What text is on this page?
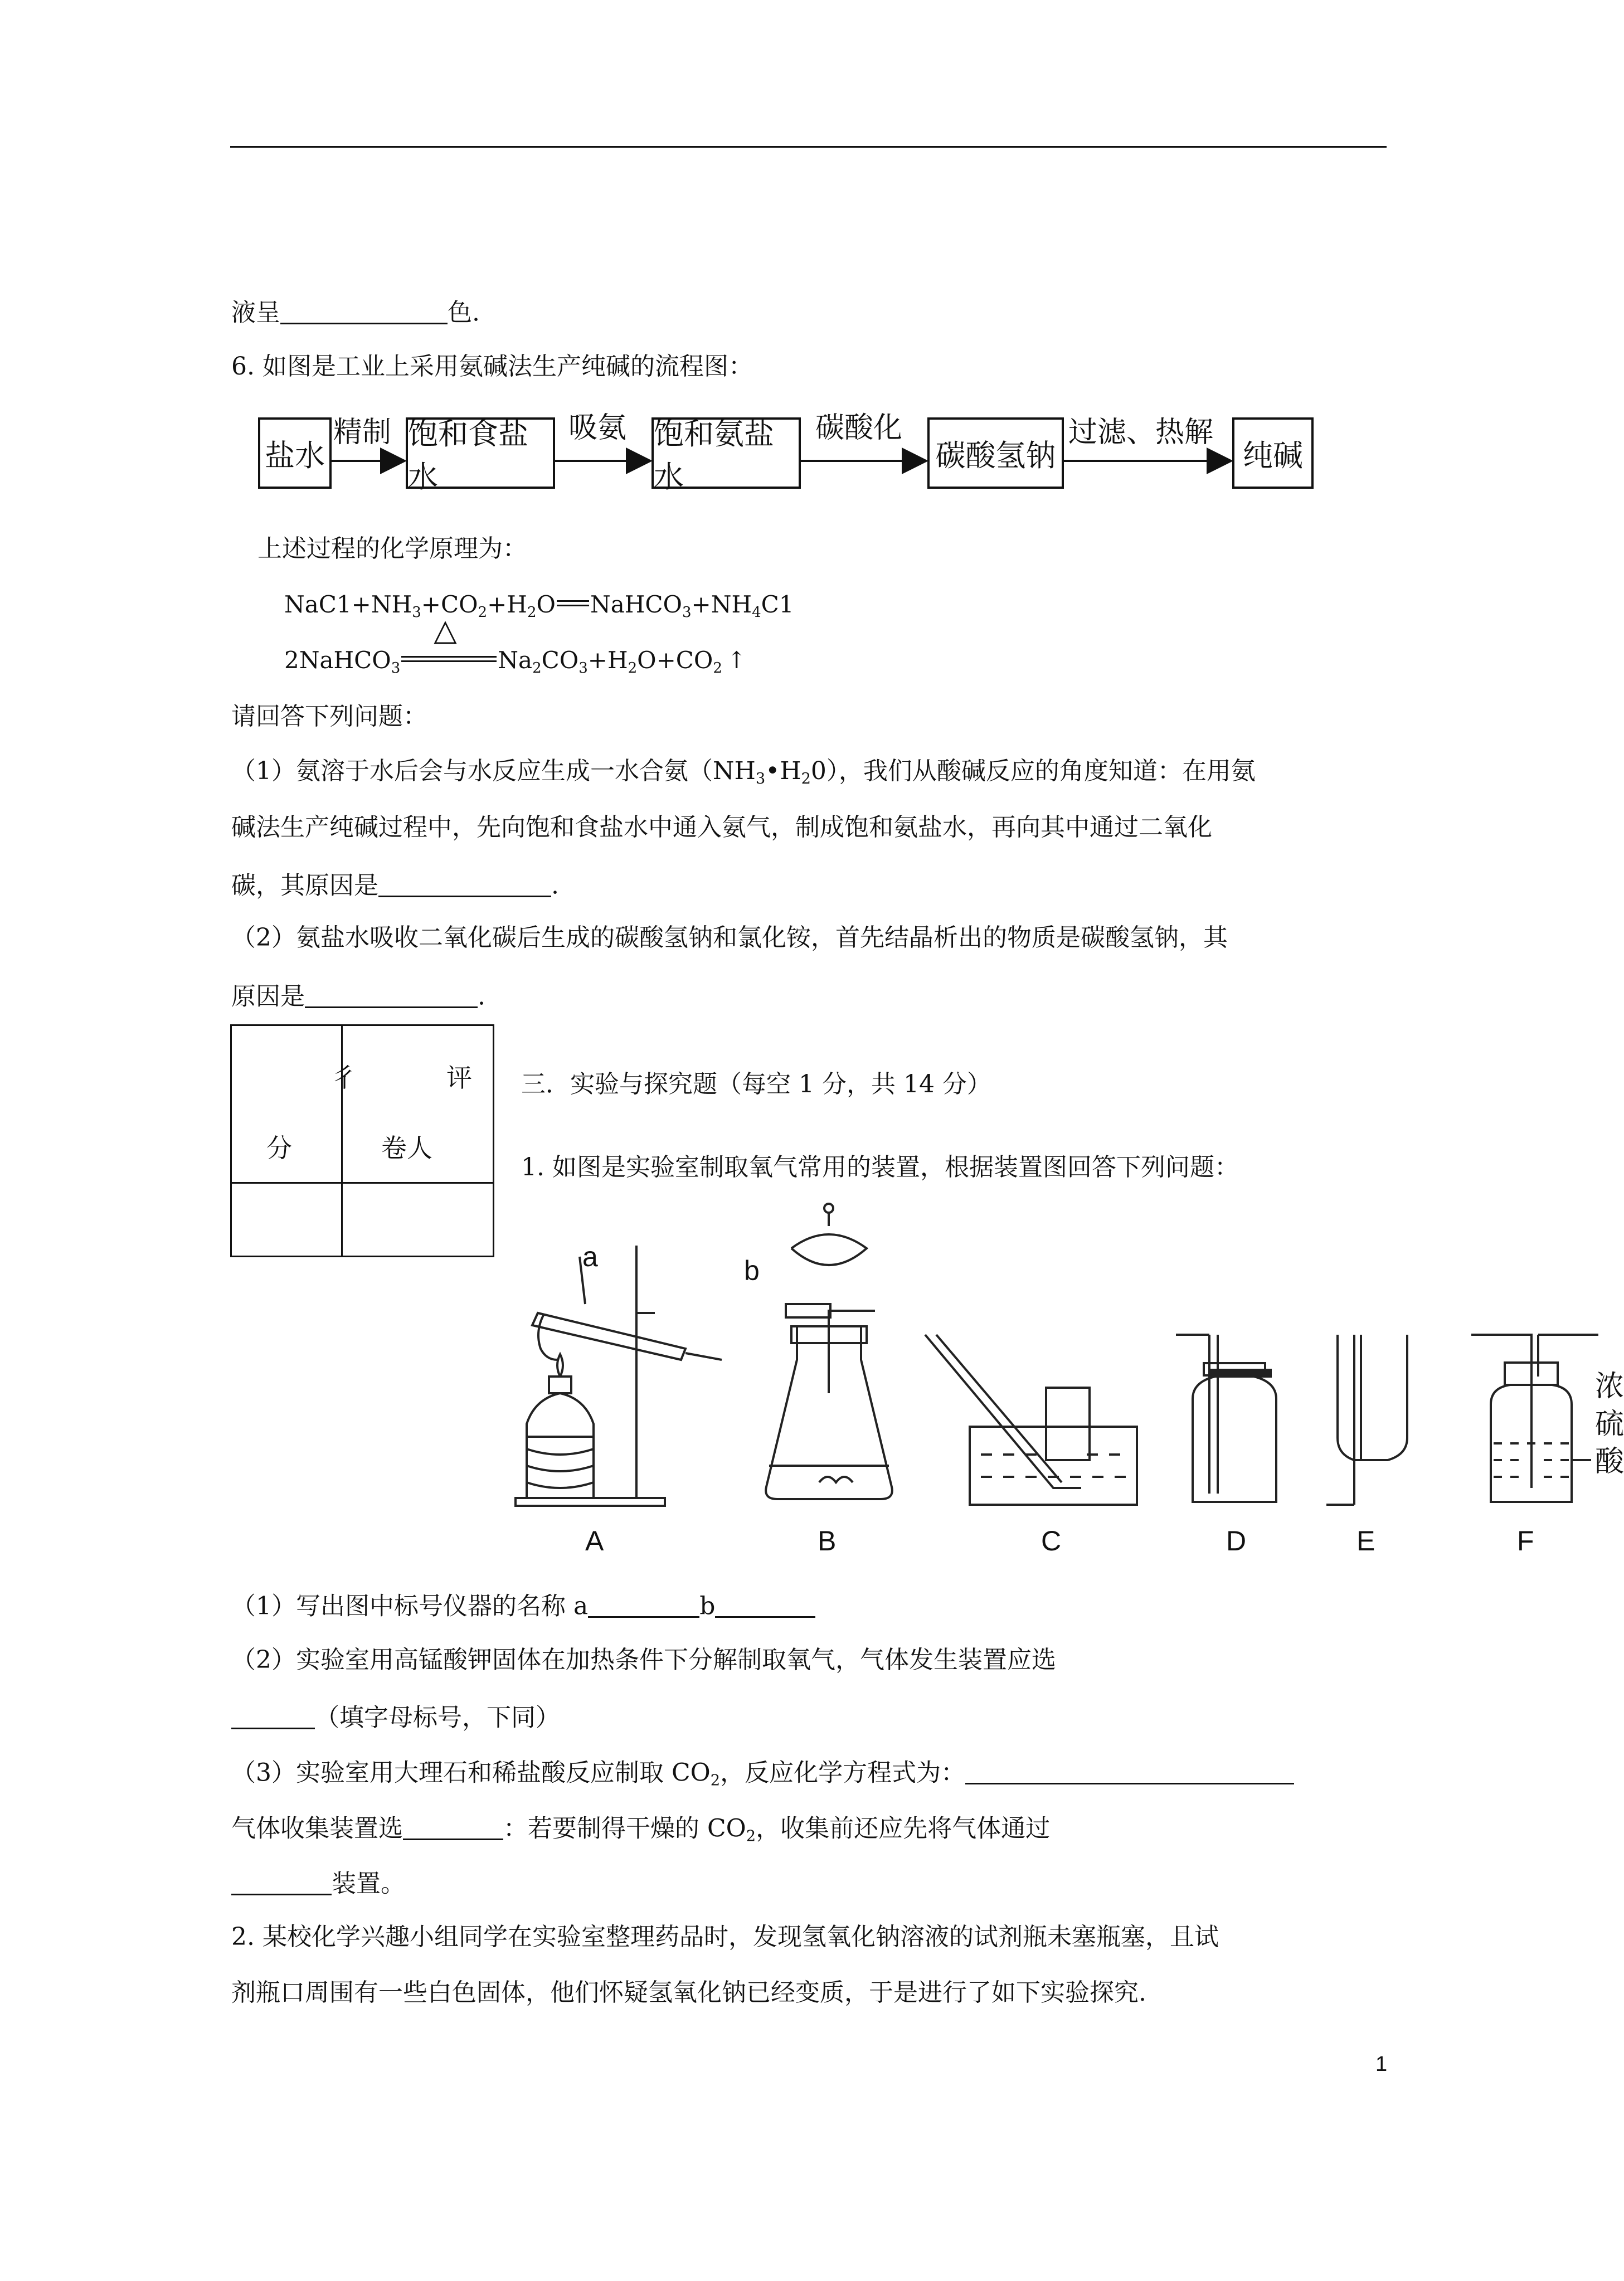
液呈	色.
6. 如图是工业上采用氨碱法生产纯碱的流程图：
盐水
饱和食盐水
饱和氨盐水
碳酸氢钠	纯碱
精制	吸氨	碳酸化	过滤、热解
上述过程的化学原理为：
$NaC1+NH_3+CO_2+H_2O$ $NaHCO_3+NH_4C1$
2NaHCO$_3$
△
$Na_2CO_3+H_2O+CO_2$ ↑
请回答下列问题：
（1）氨溶于水后会与水反应生成一水合氨$(NH_3•H_20)$，我们从酸碱反应的角度知道：在用氨
碱法生产纯碱过程中，先向饱和食盐水中通入氨气，制成饱和氨盐水，再向其中通过二氧化
碳，其原因是	.
（2）氨盐水吸收二氧化碳后生成的碳酸氢钠和氯化铵，首先结晶析出的物质是碳酸氢钠，其
原因是	.
彳	评
分	卷人
三．实验与探究题（每空 1 分，共 14 分）
1. 如图是实验室制取氧气常用的装置，根据装置图回答下列问题：
a	b
A	B	C	D	E	F
浓
硫
酸
（1）写出图中标号仪器的名称 a	b
（2）实验室用高锰酸钾固体在加热条件下分解制取氧气，气体发生装置应选
（填字母标号，下同）
（3）实验室用大理石和稀盐酸反应制取 $CO_2$，反应化学方程式为：
气体收集装置选	：若要制得干燥的 $CO_2$，收集前还应先将气体通过
装置。
2. 某校化学兴趣小组同学在实验室整理药品时，发现氢氧化钠溶液的试剂瓶未塞瓶塞，且试
剂瓶口周围有一些白色固体，他们怀疑氢氧化钠已经变质，于是进行了如下实验探究.
1
